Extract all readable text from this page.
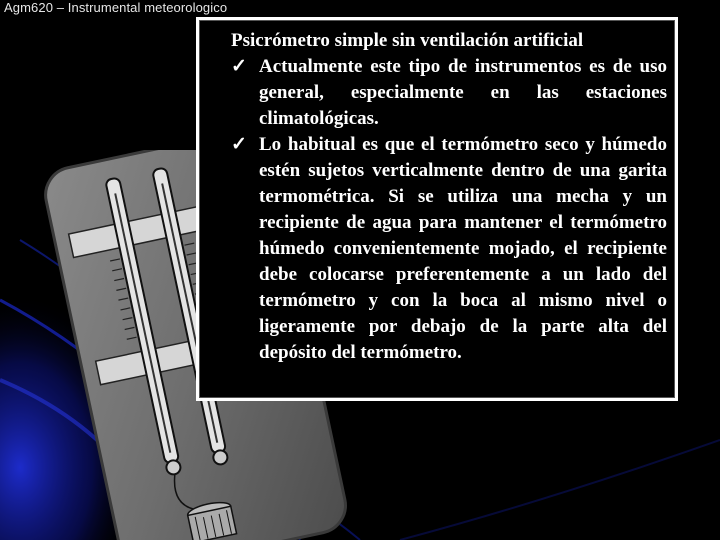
Agm620 – Instrumental meteorologico
Psicrómetro simple sin ventilación artificial
✓ Actualmente este tipo de instrumentos es de uso general, especialmente en las estaciones climatológicas.
✓ Lo habitual es que el termómetro seco y húmedo estén sujetos verticalmente dentro de una garita termométrica. Si se utiliza una mecha y un recipiente de agua para mantener el termómetro húmedo convenientemente mojado, el recipiente debe colocarse preferentemente a un lado del termómetro y con la boca al mismo nivel o ligeramente por debajo de la parte alta del depósito del termómetro.
